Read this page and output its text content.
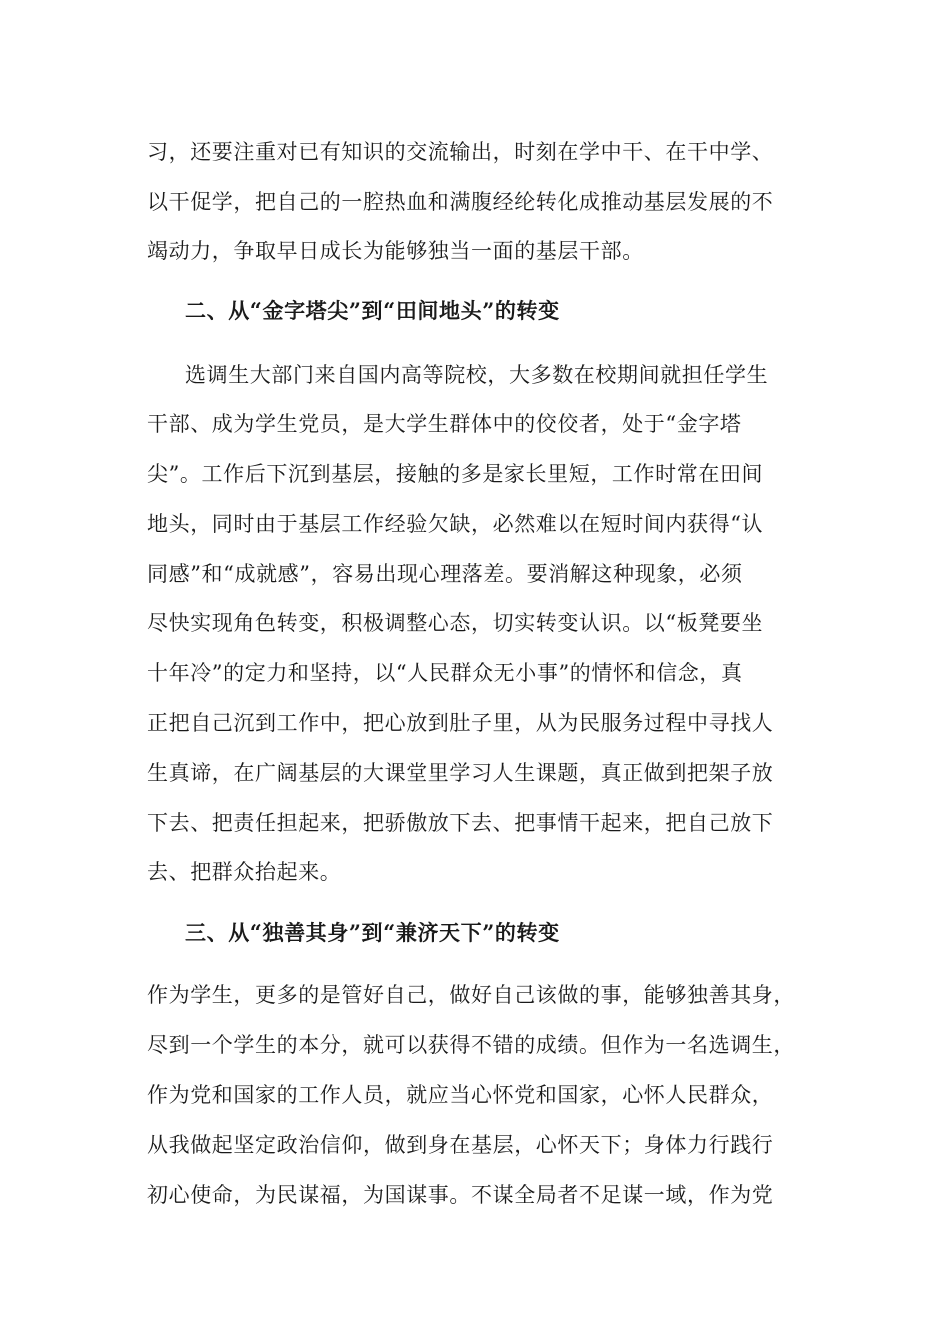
习，还要注重对已有知识的交流输出，时刻在学中干、在干中学、
以干促学，把自己的一腔热血和满腹经纶转化成推动基层发展的不
竭动力，争取早日成长为能够独当一面的基层干部。
二、从“金字塔尖”到“田间地头”的转变
选调生大部门来自国内高等院校，大多数在校期间就担任学生
干部、成为学生党员，是大学生群体中的佼佼者，处于“金字塔
尖”。工作后下沉到基层，接触的多是家长里短，工作时常在田间
地头，同时由于基层工作经验欠缺，必然难以在短时间内获得“认
同感”和“成就感”，容易出现心理落差。要消解这种现象，必须
尽快实现角色转变，积极调整心态，切实转变认识。以“板凳要坐
十年冷”的定力和坚持，以“人民群众无小事”的情怀和信念，真
正把自己沉到工作中，把心放到肚子里，从为民服务过程中寻找人
生真谛，在广阔基层的大课堂里学习人生课题，真正做到把架子放
下去、把责任担起来，把骄傲放下去、把事情干起来，把自己放下
去、把群众抬起来。
三、从“独善其身”到“兼济天下”的转变
作为学生，更多的是管好自己，做好自己该做的事，能够独善其身，
尽到一个学生的本分，就可以获得不错的成绩。但作为一名选调生，
作为党和国家的工作人员，就应当心怀党和国家，心怀人民群众，
从我做起坚定政治信仰，做到身在基层，心怀天下；身体力行践行
初心使命，为民谋福，为国谋事。不谋全局者不足谋一域，作为党
